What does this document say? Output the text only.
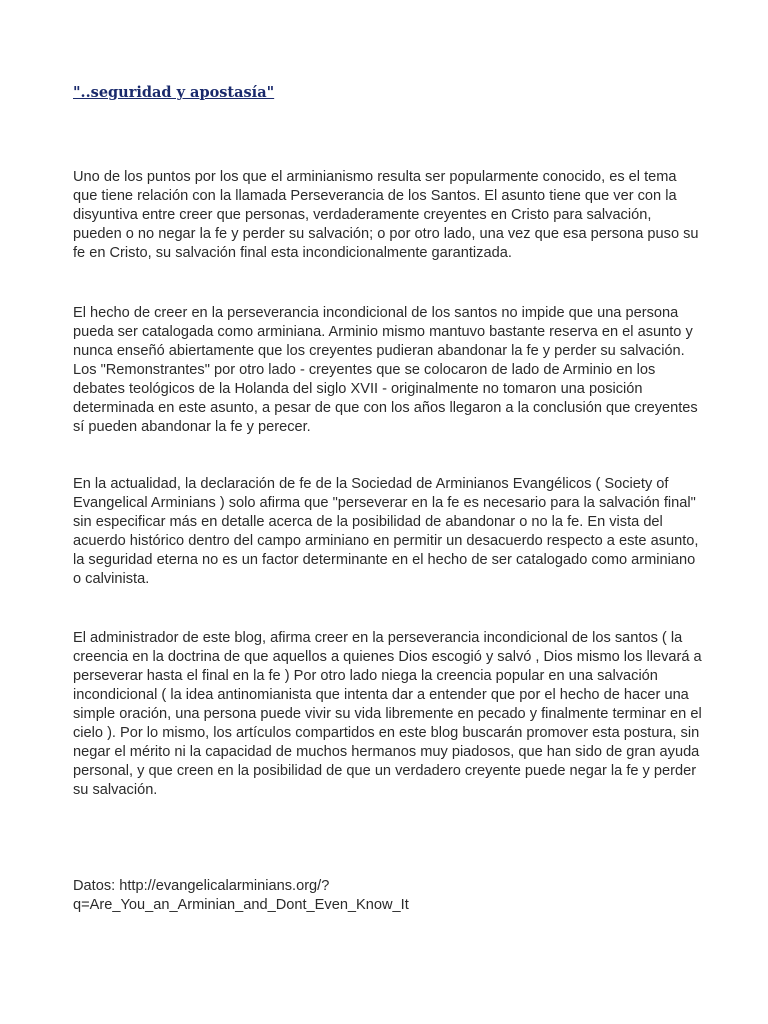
"..seguridad y apostasía"

Uno de los puntos por los que el arminianismo resulta ser popularmente conocido, es el tema que tiene relación con la llamada Perseverancia de los Santos. El asunto tiene que ver con la disyuntiva entre creer que personas, verdaderamente creyentes en Cristo para salvación, pueden o no negar la fe y perder su salvación; o por otro lado, una vez que esa persona puso su fe en Cristo, su salvación final esta incondicionalmente garantizada.

El hecho de creer en la perseverancia incondicional de los santos no impide que una persona pueda ser catalogada como arminiana. Arminio mismo mantuvo bastante reserva en el asunto y nunca enseñó abiertamente que los creyentes pudieran abandonar la fe y perder su salvación. Los "Remonstrantes" por otro lado - creyentes que se colocaron de lado de Arminio en los debates teológicos de la Holanda del siglo XVII - originalmente no tomaron una posición determinada en este asunto, a pesar de que con los años llegaron a la conclusión que creyentes sí pueden abandonar la fe y perecer.

En la actualidad, la declaración de fe de la Sociedad de Arminianos Evangélicos ( Society of Evangelical Arminians ) solo afirma que "perseverar en la fe es necesario para la salvación final" sin especificar más en detalle acerca de la posibilidad de abandonar o no la fe. En vista del acuerdo histórico dentro del campo arminiano en permitir un desacuerdo respecto a este asunto, la seguridad eterna no es un factor determinante en el hecho de ser catalogado como arminiano o calvinista.

El administrador de este blog, afirma creer en la perseverancia incondicional de los santos ( la creencia en la doctrina de que aquellos a quienes Dios escogió y salvó , Dios mismo los llevará a perseverar hasta el final en la fe ) Por otro lado niega la creencia popular en una salvación incondicional ( la idea antinomianista que intenta dar a entender que por el hecho de hacer una simple oración, una persona puede vivir su vida libremente en pecado y finalmente terminar en el cielo ). Por lo mismo, los artículos compartidos en este blog buscarán promover esta postura, sin negar el mérito ni la capacidad de muchos hermanos muy piadosos, que han sido de gran ayuda personal, y que creen en la posibilidad de que un verdadero creyente puede negar la fe y perder su salvación.

Datos: http://evangelicalarminians.org/?
q=Are_You_an_Arminian_and_Dont_Even_Know_It
